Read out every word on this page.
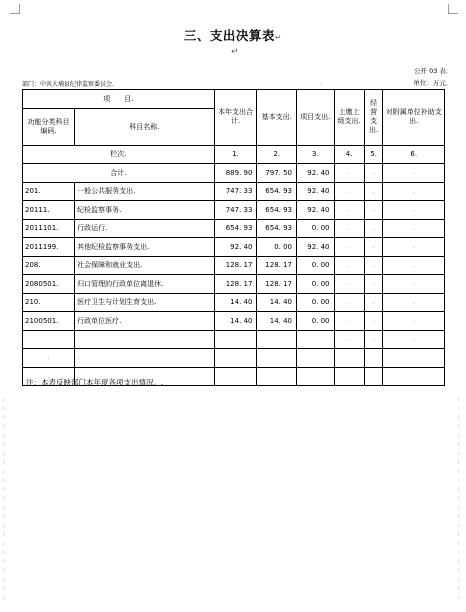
⁞
⁞
⁞
⁞
⁞
⁞
⁞
⁞
⁞
⁞
⁞
⁞
⁞
⁞
⁞
⁞
⁞
⁞
⁞
⁞
⁞
⁞
⁞
⁞
⁞
⁞
⁞
⁞
⁞
⁞
⁞
⁞
⁞
⁞
⁞
⁞
⁞
⁞
⁞
⁞
⁞
⁞
⁞
⁞
⁞
⁞
三、支出决算表↵
↵
公开 03 表.
部门：中共大埔县纪律监察委员会.	.	单位：万元.
项　　目.		本年支出合计.	基本支出.	项目支出.	上缴上级支出.	经营支出.	对附属单位补助支出.
功能分类科目编码.	科目名称.						
栏次.		1.	2.	3.	4.	5.	6.
合计.		889. 90	797. 50	92. 40	.	.	.
201.	一般公共服务支出.	747. 33	654. 93	92. 40	.	.	.
20111.	纪检监察事务.	747. 33	654. 93	92. 40	.	.	.
2011101.	行政运行.	654. 93	654. 93	0. 00	.	.	.
2011199.	其他纪检监察事务支出.	92. 40	0. 00	92. 40	.	.	.
208.	社会保障和就业支出.	128. 17	128. 17	0. 00	.	.	.
2080501.	归口管理的行政单位离退休.	128. 17	128. 17	0. 00	.	.	.
210.	医疗卫生与计划生育支出.	14. 40	14. 40	0. 00	.	.	.
2100501.	行政单位医疗.	14. 40	14. 40	0. 00	.	.	.
					.	.	.
.	.						
.	.						
注：本表反映部门本年度各项支出情况。.
